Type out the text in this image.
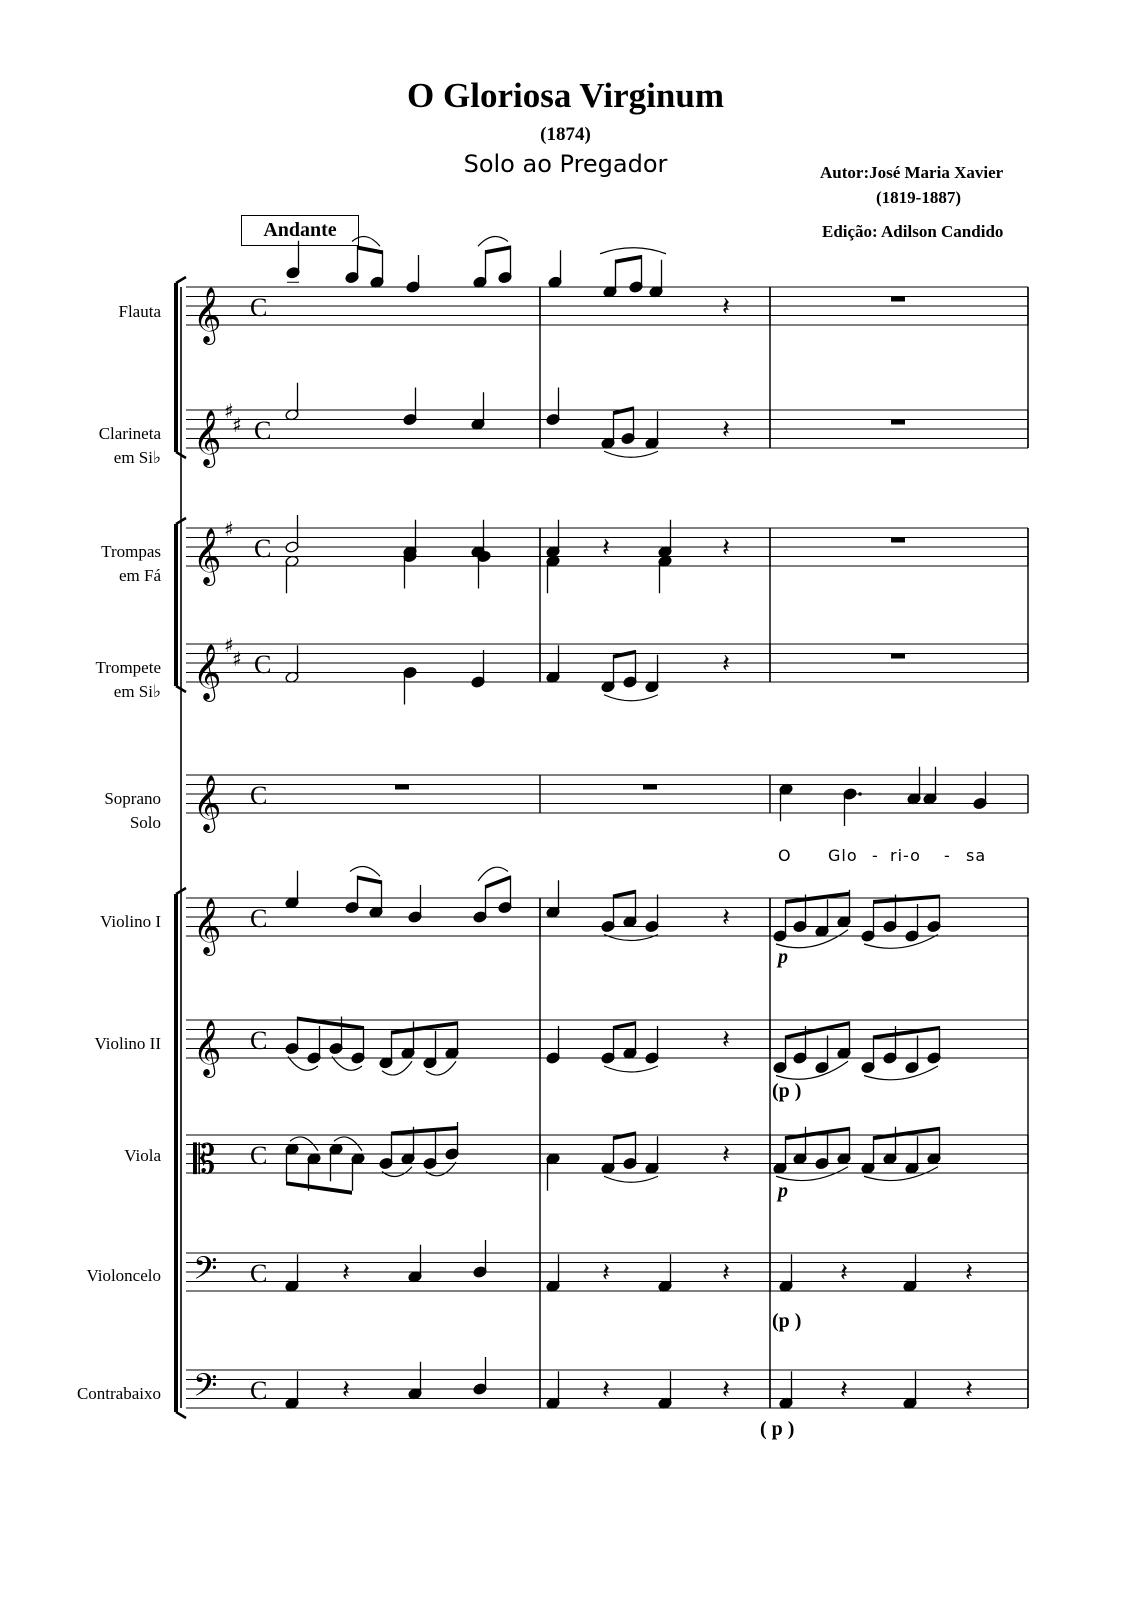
O Gloriosa Virginum
(1874)
Solo ao Pregador	Autor:José Maria Xavier
(1819-1887)
Edição: Adilson Candido
Andante
Flauta

Clarineta
em Si♭
Trompas
em Fá
Trompete
em Si♭
Soprano
Solo
Violino I

Violino II

Viola

Violoncelo

Contrabaixo

O Glo - ri-o - sa
p
(p )
p
(p )
( p )
𝄞 C
𝄞 ♯
♯ C
𝄞 ♯
C
𝄞 ♯
♯ C
𝄞 C
𝄞 C
𝄞 C
𝄡 C
𝄢 C
𝄢 C
𝄽
𝄽
𝄽	𝄽
𝄽
𝄽
𝄽
𝄽
𝄽	𝄽	𝄽	𝄽	𝄽
𝄽	𝄽	𝄽	𝄽	𝄽
